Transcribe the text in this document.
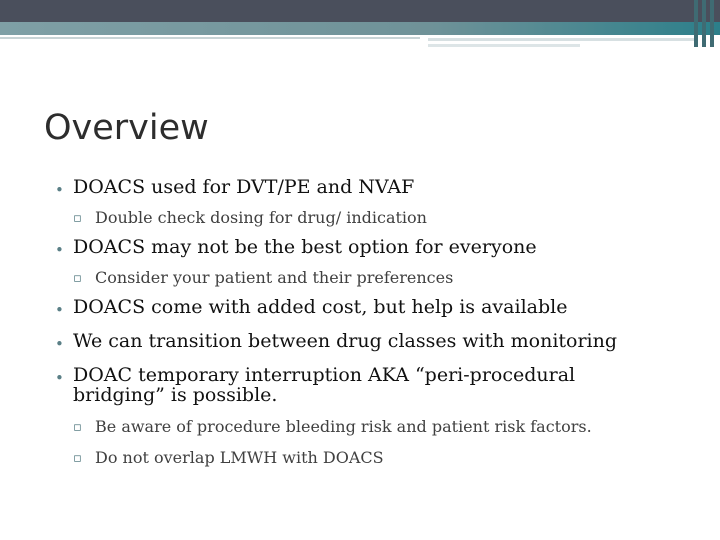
Overview
• DOACS used for DVT/PE and NVAF
▫ Double check dosing for drug/ indication
• DOACS may not be the best option for everyone
▫ Consider your patient and their preferences
• DOACS come with added cost, but help is available
• We can transition between drug classes with monitoring
• DOAC temporary interruption AKA “peri-procedural bridging” is possible.
▫ Be aware of procedure bleeding risk and patient risk factors.
▫ Do not overlap LMWH with DOACS
